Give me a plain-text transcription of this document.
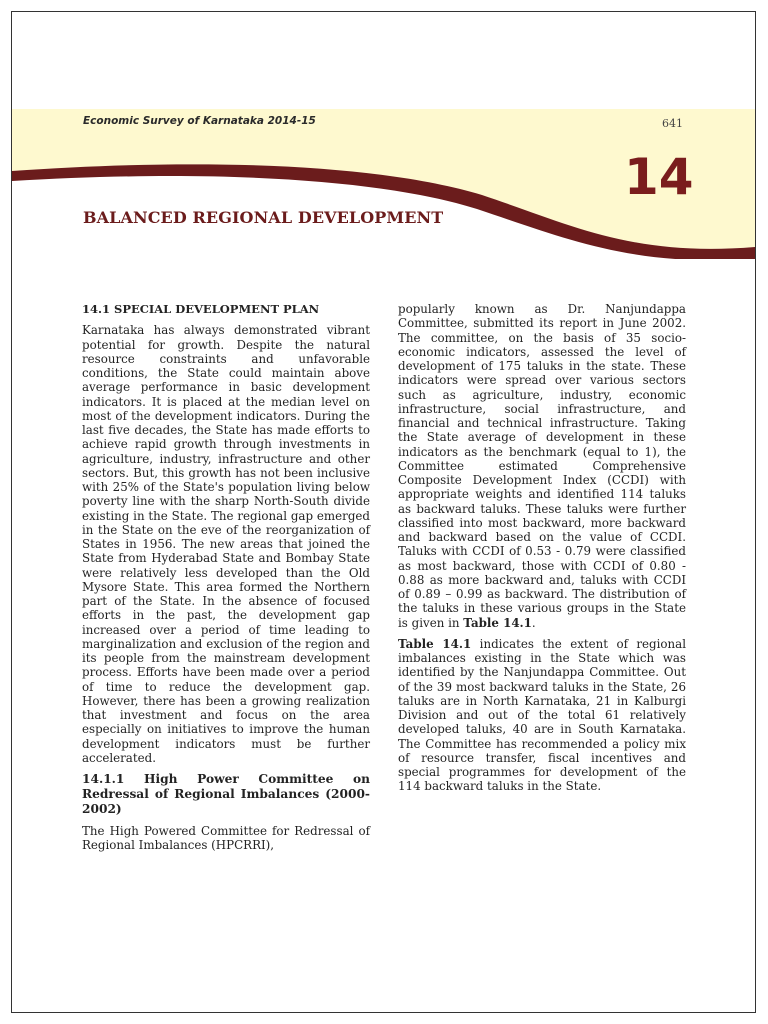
Economic Survey of Karnataka 2014-15	641
14
BALANCED REGIONAL DEVELOPMENT

14.1 SPECIAL DEVELOPMENT PLAN

Karnataka has always demonstrated vibrant potential for growth. Despite the natural resource constraints and unfavorable conditions, the State could maintain above average performance in basic development indicators. It is placed at the median level on most of the development indicators. During the last five decades, the State has made efforts to achieve rapid growth through investments in agriculture, industry, infrastructure and other sectors. But, this growth has not been inclusive with 25% of the State's population living below poverty line with the sharp North-South divide existing in the State. The regional gap emerged in the State on the eve of the reorganization of States in 1956. The new areas that joined the State from Hyderabad State and Bombay State were relatively less developed than the Old Mysore State. This area formed the Northern part of the State. In the absence of focused efforts in the past, the development gap increased over a period of time leading to marginalization and exclusion of the region and its people from the mainstream development process. Efforts have been made over a period of time to reduce the development gap. However, there has been a growing realization that investment and focus on the area especially on initiatives to improve the human development indicators must be further accelerated.

14.1.1 High Power Committee on Redressal of Regional Imbalances (2000-2002)

The High Powered Committee for Redressal of Regional Imbalances (HPCRRI),

popularly known as Dr. Nanjundappa Committee, submitted its report in June 2002. The committee, on the basis of 35 socio-economic indicators, assessed the level of development of 175 taluks in the state. These indicators were spread over various sectors such as agriculture, industry, economic infrastructure, social infrastructure, and financial and technical infrastructure. Taking the State average of development in these indicators as the benchmark (equal to 1), the Committee estimated Comprehensive Composite Development Index (CCDI) with appropriate weights and identified 114 taluks as backward taluks. These taluks were further classified into most backward, more backward and backward based on the value of CCDI. Taluks with CCDI of 0.53 - 0.79 were classified as most backward, those with CCDI of 0.80 - 0.88 as more backward and, taluks with CCDI of 0.89 – 0.99 as backward. The distribution of the taluks in these various groups in the State is given in Table 14.1.

Table 14.1 indicates the extent of regional imbalances existing in the State which was identified by the Nanjundappa Committee. Out of the 39 most backward taluks in the State, 26 taluks are in North Karnataka, 21 in Kalburgi Division and out of the total 61 relatively developed taluks, 40 are in South Karnataka. The Committee has recommended a policy mix of resource transfer, fiscal incentives and special programmes for development of the 114 backward taluks in the State.
